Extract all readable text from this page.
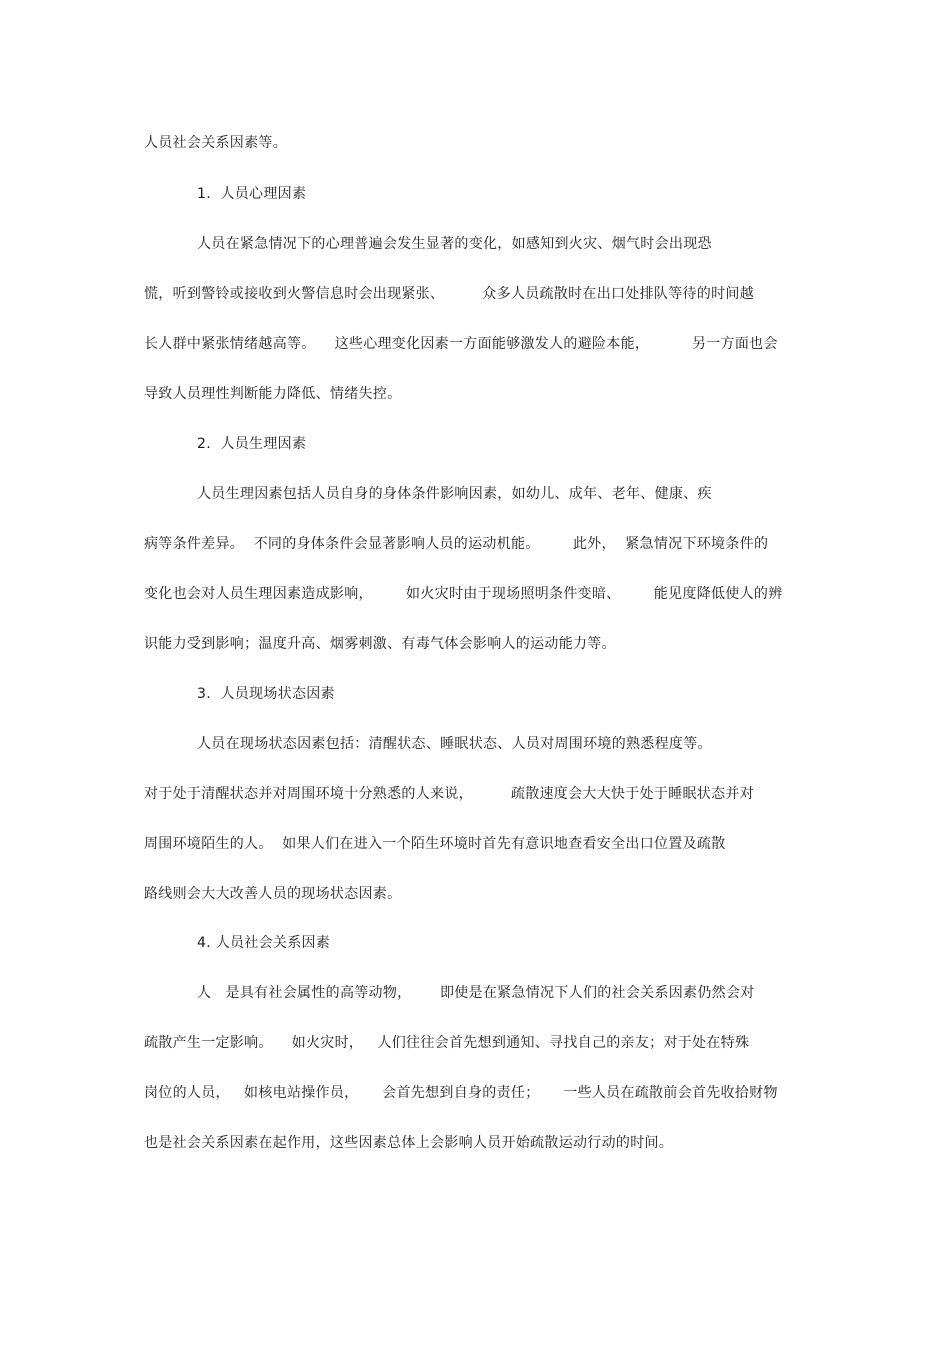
人员社会关系因素等。
1.  人员心理因素
人员在紧急情况下的心理普遍会发生显著的变化，如感知到火灾、烟气时会出现恐
慌，听到警铃或接收到火警信息时会出现紧张、        众多人员疏散时在出口处排队等待的时间越
长人群中紧张情绪越高等。    这些心理变化因素一方面能够激发人的避险本能，         另一方面也会
导致人员理性判断能力降低、情绪失控。
2.  人员生理因素
人员生理因素包括人员自身的身体条件影响因素，如幼儿、成年、老年、健康、疾
病等条件差异。  不同的身体条件会显著影响人员的运动机能。       此外，  紧急情况下环境条件的
变化也会对人员生理因素造成影响，       如火灾时由于现场照明条件变暗、       能见度降低使人的辨
识能力受到影响；温度升高、烟雾刺激、有毒气体会影响人的运动能力等。
3.  人员现场状态因素
人员在现场状态因素包括：清醒状态、睡眠状态、人员对周围环境的熟悉程度等。
对于处于清醒状态并对周围环境十分熟悉的人来说，        疏散速度会大大快于处于睡眠状态并对
周围环境陌生的人。  如果人们在进入一个陌生环境时首先有意识地查看安全出口位置及疏散
路线则会大大改善人员的现场状态因素。
4. 人员社会关系因素
人   是具有社会属性的高等动物，      即使是在紧急情况下人们的社会关系因素仍然会对
疏散产生一定影响。    如火灾时，   人们往往会首先想到通知、寻找自己的亲友；对于处在特殊
岗位的人员，   如核电站操作员，     会首先想到自身的责任；     一些人员在疏散前会首先收拾财物
也是社会关系因素在起作用，这些因素总体上会影响人员开始疏散运动行动的时间。
